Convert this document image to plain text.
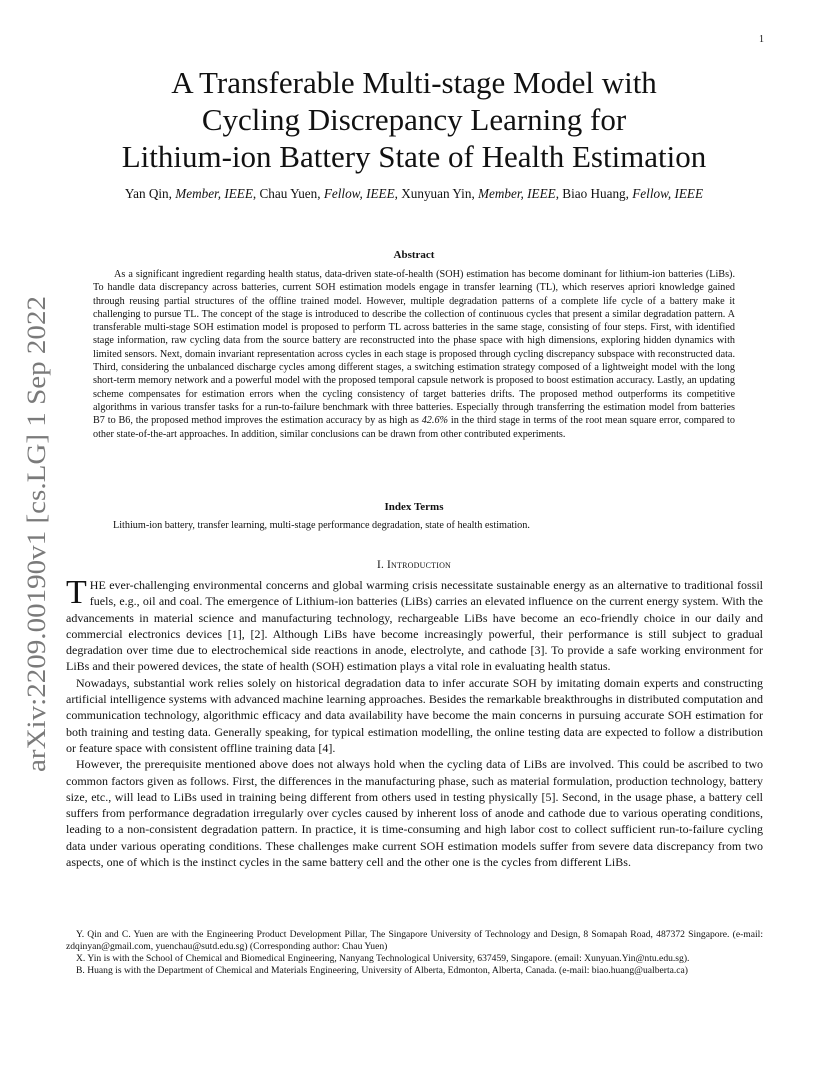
1
arXiv:2209.00190v1 [cs.LG] 1 Sep 2022
A Transferable Multi-stage Model with
Cycling Discrepancy Learning for
Lithium-ion Battery State of Health Estimation
Yan Qin, Member, IEEE, Chau Yuen, Fellow, IEEE, Xunyuan Yin, Member, IEEE, Biao Huang, Fellow, IEEE
Abstract
As a significant ingredient regarding health status, data-driven state-of-health (SOH) estimation has become dominant for lithium-ion batteries (LiBs). To handle data discrepancy across batteries, current SOH estimation models engage in transfer learning (TL), which reserves apriori knowledge gained through reusing partial structures of the offline trained model. However, multiple degradation patterns of a complete life cycle of a battery make it challenging to pursue TL. The concept of the stage is introduced to describe the collection of continuous cycles that present a similar degradation pattern. A transferable multi-stage SOH estimation model is proposed to perform TL across batteries in the same stage, consisting of four steps. First, with identified stage information, raw cycling data from the source battery are reconstructed into the phase space with high dimensions, exploring hidden dynamics with limited sensors. Next, domain invariant representation across cycles in each stage is proposed through cycling discrepancy subspace with reconstructed data. Third, considering the unbalanced discharge cycles among different stages, a switching estimation strategy composed of a lightweight model with the long short-term memory network and a powerful model with the proposed temporal capsule network is proposed to boost estimation accuracy. Lastly, an updating scheme compensates for estimation errors when the cycling consistency of target batteries drifts. The proposed method outperforms its competitive algorithms in various transfer tasks for a run-to-failure benchmark with three batteries. Especially through transferring the estimation model from batteries B7 to B6, the proposed method improves the estimation accuracy by as high as 42.6% in the third stage in terms of the root mean square error, compared to other state-of-the-art approaches. In addition, similar conclusions can be drawn from other contributed experiments.
Index Terms
Lithium-ion battery, transfer learning, multi-stage performance degradation, state of health estimation.
I. Introduction

THE ever-challenging environmental concerns and global warming crisis necessitate sustainable energy as an alternative to traditional fossil fuels, e.g., oil and coal. The emergence of Lithium-ion batteries (LiBs) carries an elevated influence on the current energy system. With the advancements in material science and manufacturing technology, rechargeable LiBs have become an eco-friendly choice in our daily and commercial electronics devices [1], [2]. Although LiBs have become increasingly powerful, their performance is still subject to gradual degradation over time due to electrochemical side reactions in anode, electrolyte, and cathode [3]. To provide a safe working environment for LiBs and their powered devices, the state of health (SOH) estimation plays a vital role in evaluating health status.

Nowadays, substantial work relies solely on historical degradation data to infer accurate SOH by imitating domain experts and constructing artificial intelligence systems with advanced machine learning approaches. Besides the remarkable breakthroughs in distributed computation and communication technology, algorithmic efficacy and data availability have become the main concerns in pursuing accurate SOH estimation for both training and testing data. Generally speaking, for typical estimation modelling, the online testing data are expected to follow a distribution or feature space with consistent offline training data [4].

However, the prerequisite mentioned above does not always hold when the cycling data of LiBs are involved. This could be ascribed to two common factors given as follows. First, the differences in the manufacturing phase, such as material formulation, production technology, battery size, etc., will lead to LiBs used in training being different from others used in testing physically [5]. Second, in the usage phase, a battery cell suffers from performance degradation irregularly over cycles caused by inherent loss of anode and cathode due to various operating conditions, leading to a non-consistent degradation pattern. In practice, it is time-consuming and high labor cost to collect sufficient run-to-failure cycling data under various operating conditions. These challenges make current SOH estimation models suffer from severe data discrepancy from two aspects, one of which is the instinct cycles in the same battery cell and the other one is the cycles from different LiBs.

Y. Qin and C. Yuen are with the Engineering Product Development Pillar, The Singapore University of Technology and Design, 8 Somapah Road, 487372 Singapore. (e-mail: zdqinyan@gmail.com, yuenchau@sutd.edu.sg) (Corresponding author: Chau Yuen)

X. Yin is with the School of Chemical and Biomedical Engineering, Nanyang Technological University, 637459, Singapore. (email: Xunyuan.Yin@ntu.edu.sg).

B. Huang is with the Department of Chemical and Materials Engineering, University of Alberta, Edmonton, Alberta, Canada. (e-mail: biao.huang@ualberta.ca)
